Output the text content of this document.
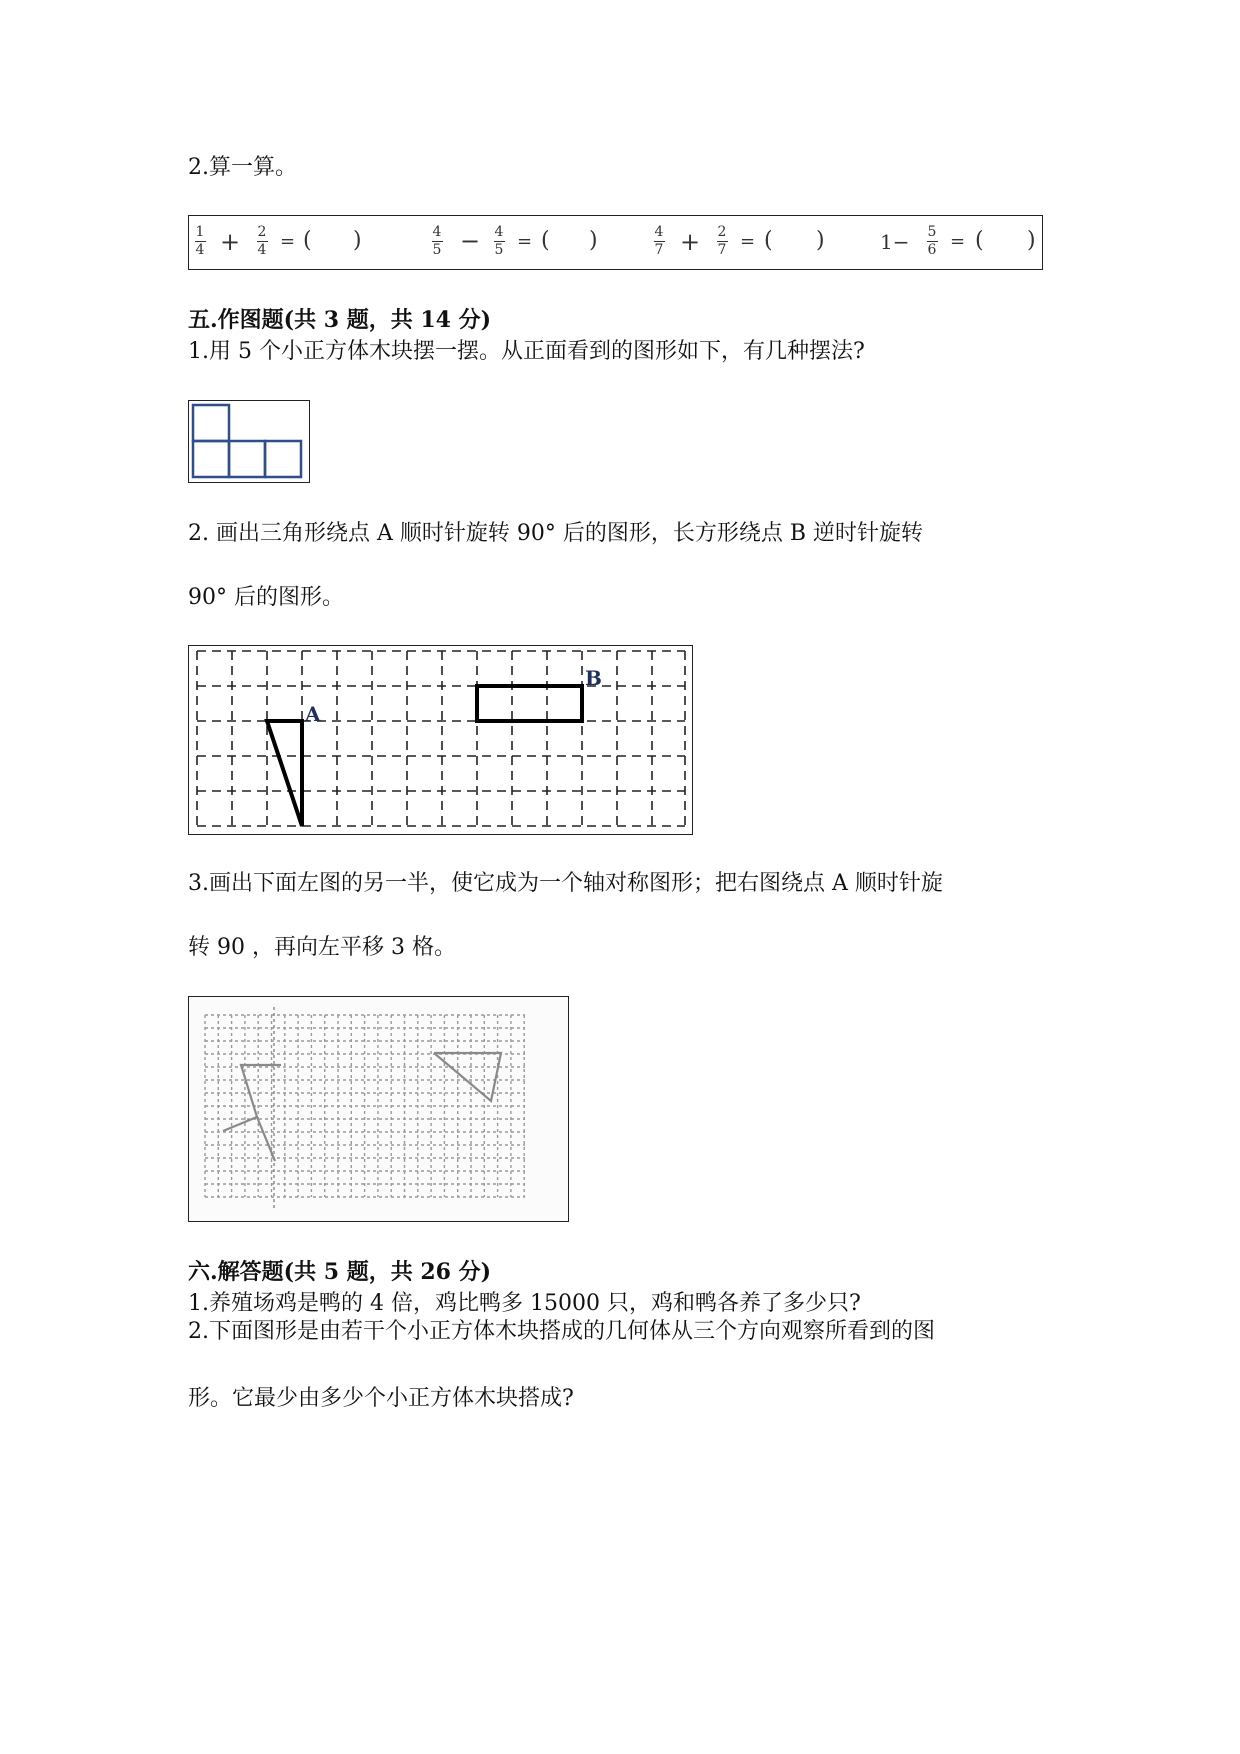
2.算一算。
1
4 + 2
4 = ( )	4
5 − 4
5 = ( )	4
7 + 2
7 = ( )	1− 5
6 = ( )
五.作图题(共 3 题，共 14 分)
1.用 5 个小正方体木块摆一摆。从正面看到的图形如下，有几种摆法?
2. 画出三角形绕点 A 顺时针旋转 90° 后的图形，长方形绕点 B 逆时针旋转
90° 后的图形。
A
B
3.画出下面左图的另一半，使它成为一个轴对称图形；把右图绕点 A 顺时针旋
转 90 ，再向左平移 3 格。
六.解答题(共 5 题，共 26 分)
1.养殖场鸡是鸭的 4 倍，鸡比鸭多 15000 只，鸡和鸭各养了多少只?
2.下面图形是由若干个小正方体木块搭成的几何体从三个方向观察所看到的图
形。它最少由多少个小正方体木块搭成?
